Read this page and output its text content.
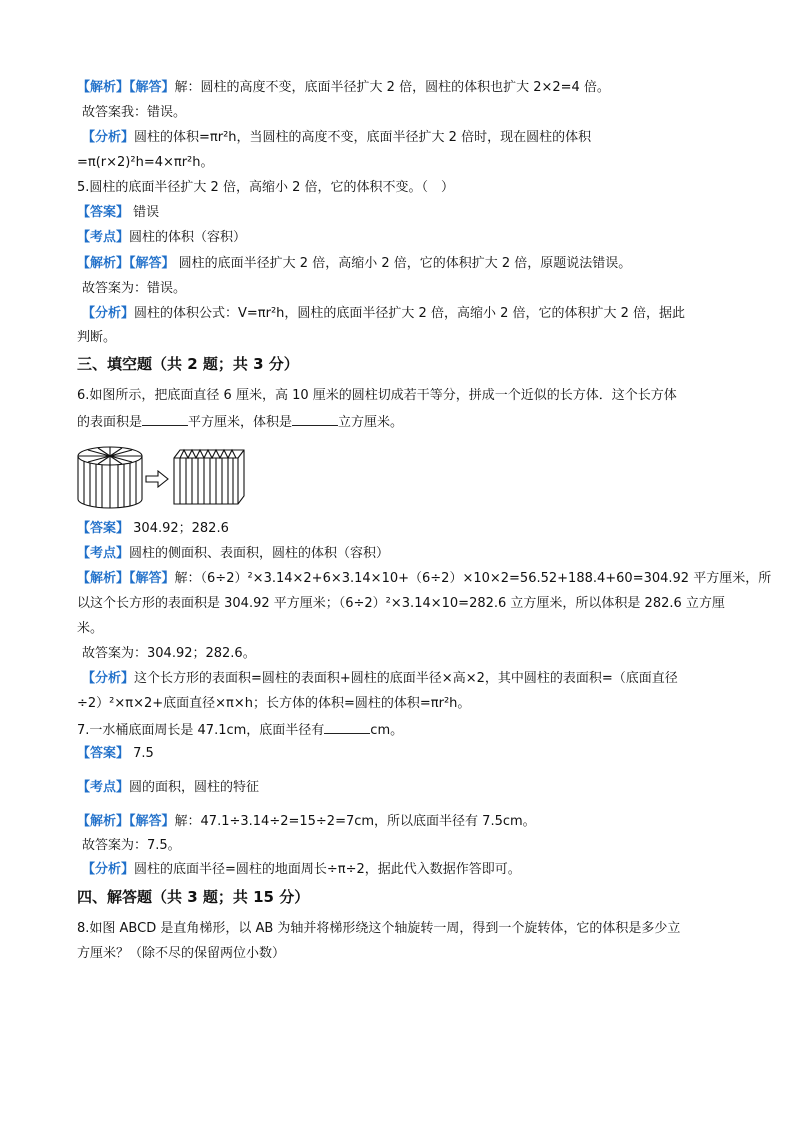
【解析】【解答】解：圆柱的高度不变，底面半径扩大 2 倍，圆柱的体积也扩大 2×2=4 倍。
故答案我：错误。
【分析】圆柱的体积=πr²h，当圆柱的高度不变，底面半径扩大 2 倍时，现在圆柱的体积
=π(r×2)²h=4×πr²h。
5.圆柱的底面半径扩大 2 倍，高缩小 2 倍，它的体积不变。（　）
【答案】 错误
【考点】圆柱的体积（容积）
【解析】【解答】 圆柱的底面半径扩大 2 倍，高缩小 2 倍，它的体积扩大 2 倍，原题说法错误。
故答案为：错误。
【分析】圆柱的体积公式：V=πr²h，圆柱的底面半径扩大 2 倍，高缩小 2 倍，它的体积扩大 2 倍，据此
判断。
三、填空题（共 2 题；共 3 分）
6.如图所示，把底面直径 6 厘米，高 10 厘米的圆柱切成若干等分，拼成一个近似的长方体．这个长方体
的表面积是	平方厘米，体积是	立方厘米。
【答案】 304.92；282.6
【考点】圆柱的侧面积、表面积，圆柱的体积（容积）
【解析】【解答】解：（6÷2）²×3.14×2+6×3.14×10+（6÷2）×10×2=56.52+188.4+60=304.92 平方厘米，所
以这个长方形的表面积是 304.92 平方厘米；（6÷2）²×3.14×10=282.6 立方厘米，所以体积是 282.6 立方厘
米。
故答案为：304.92；282.6。
【分析】这个长方形的表面积=圆柱的表面积+圆柱的底面半径×高×2，其中圆柱的表面积=（底面直径
÷2）²×π×2+底面直径×π×h；长方体的体积=圆柱的体积=πr²h。
7.一水桶底面周长是 47.1cm，底面半径有	cm。
【答案】 7.5
【考点】圆的面积，圆柱的特征
【解析】【解答】解：47.1÷3.14÷2=15÷2=7cm，所以底面半径有 7.5cm。
故答案为：7.5。
【分析】圆柱的底面半径=圆柱的地面周长÷π÷2，据此代入数据作答即可。
四、解答题（共 3 题；共 15 分）
8.如图 ABCD 是直角梯形，以 AB 为轴并将梯形绕这个轴旋转一周，得到一个旋转体，它的体积是多少立
方厘米？（除不尽的保留两位小数）
